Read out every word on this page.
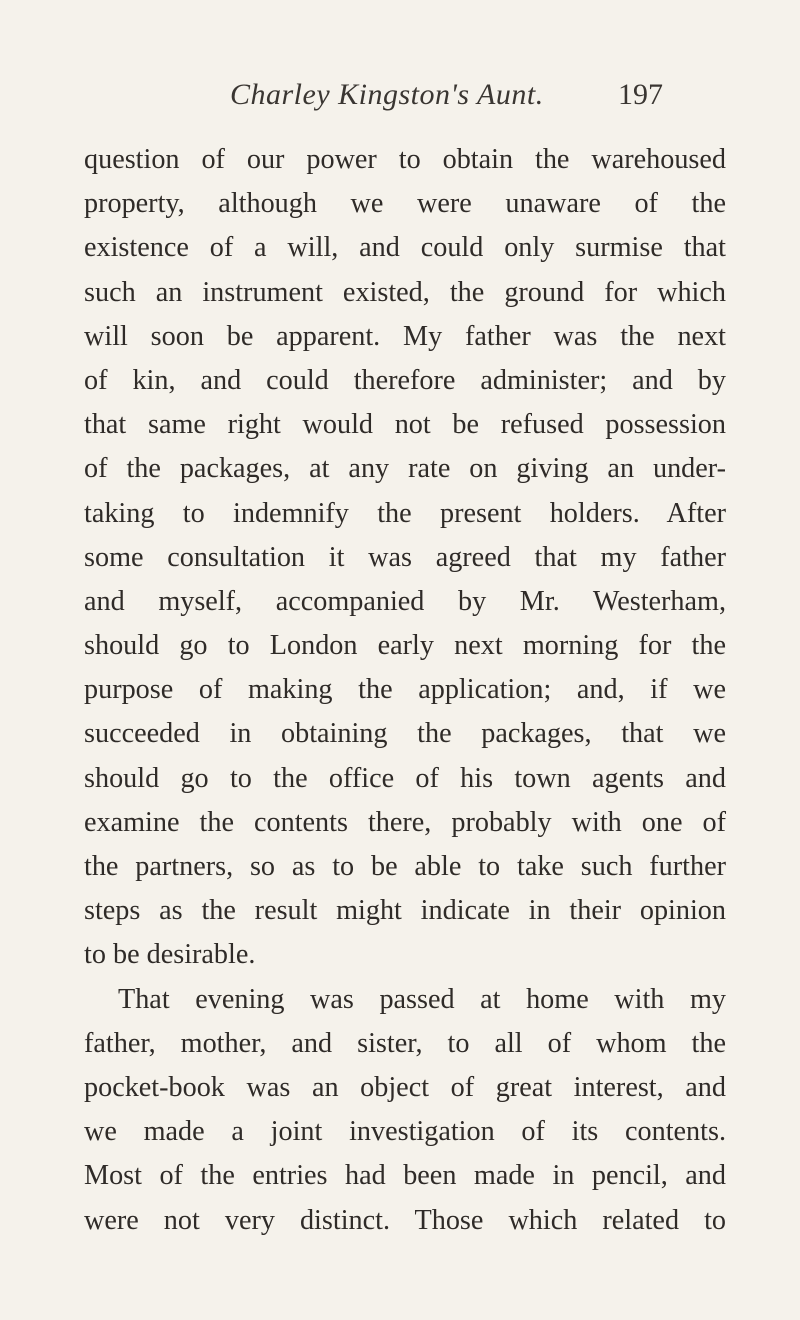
Charley Kingston's Aunt. 197
question of our power to obtain the warehoused
property, although we were unaware of the
existence of a will, and could only surmise that
such an instrument existed, the ground for which
will soon be apparent. My father was the next
of kin, and could therefore administer; and by
that same right would not be refused possession
of the packages, at any rate on giving an under-
taking to indemnify the present holders. After
some consultation it was agreed that my father
and myself, accompanied by Mr. Westerham,
should go to London early next morning for the
purpose of making the application; and, if we
succeeded in obtaining the packages, that we
should go to the office of his town agents and
examine the contents there, probably with one of
the partners, so as to be able to take such further
steps as the result might indicate in their opinion
to be desirable.
That evening was passed at home with my
father, mother, and sister, to all of whom the
pocket-book was an object of great interest, and
we made a joint investigation of its contents.
Most of the entries had been made in pencil, and
were not very distinct. Those which related to
